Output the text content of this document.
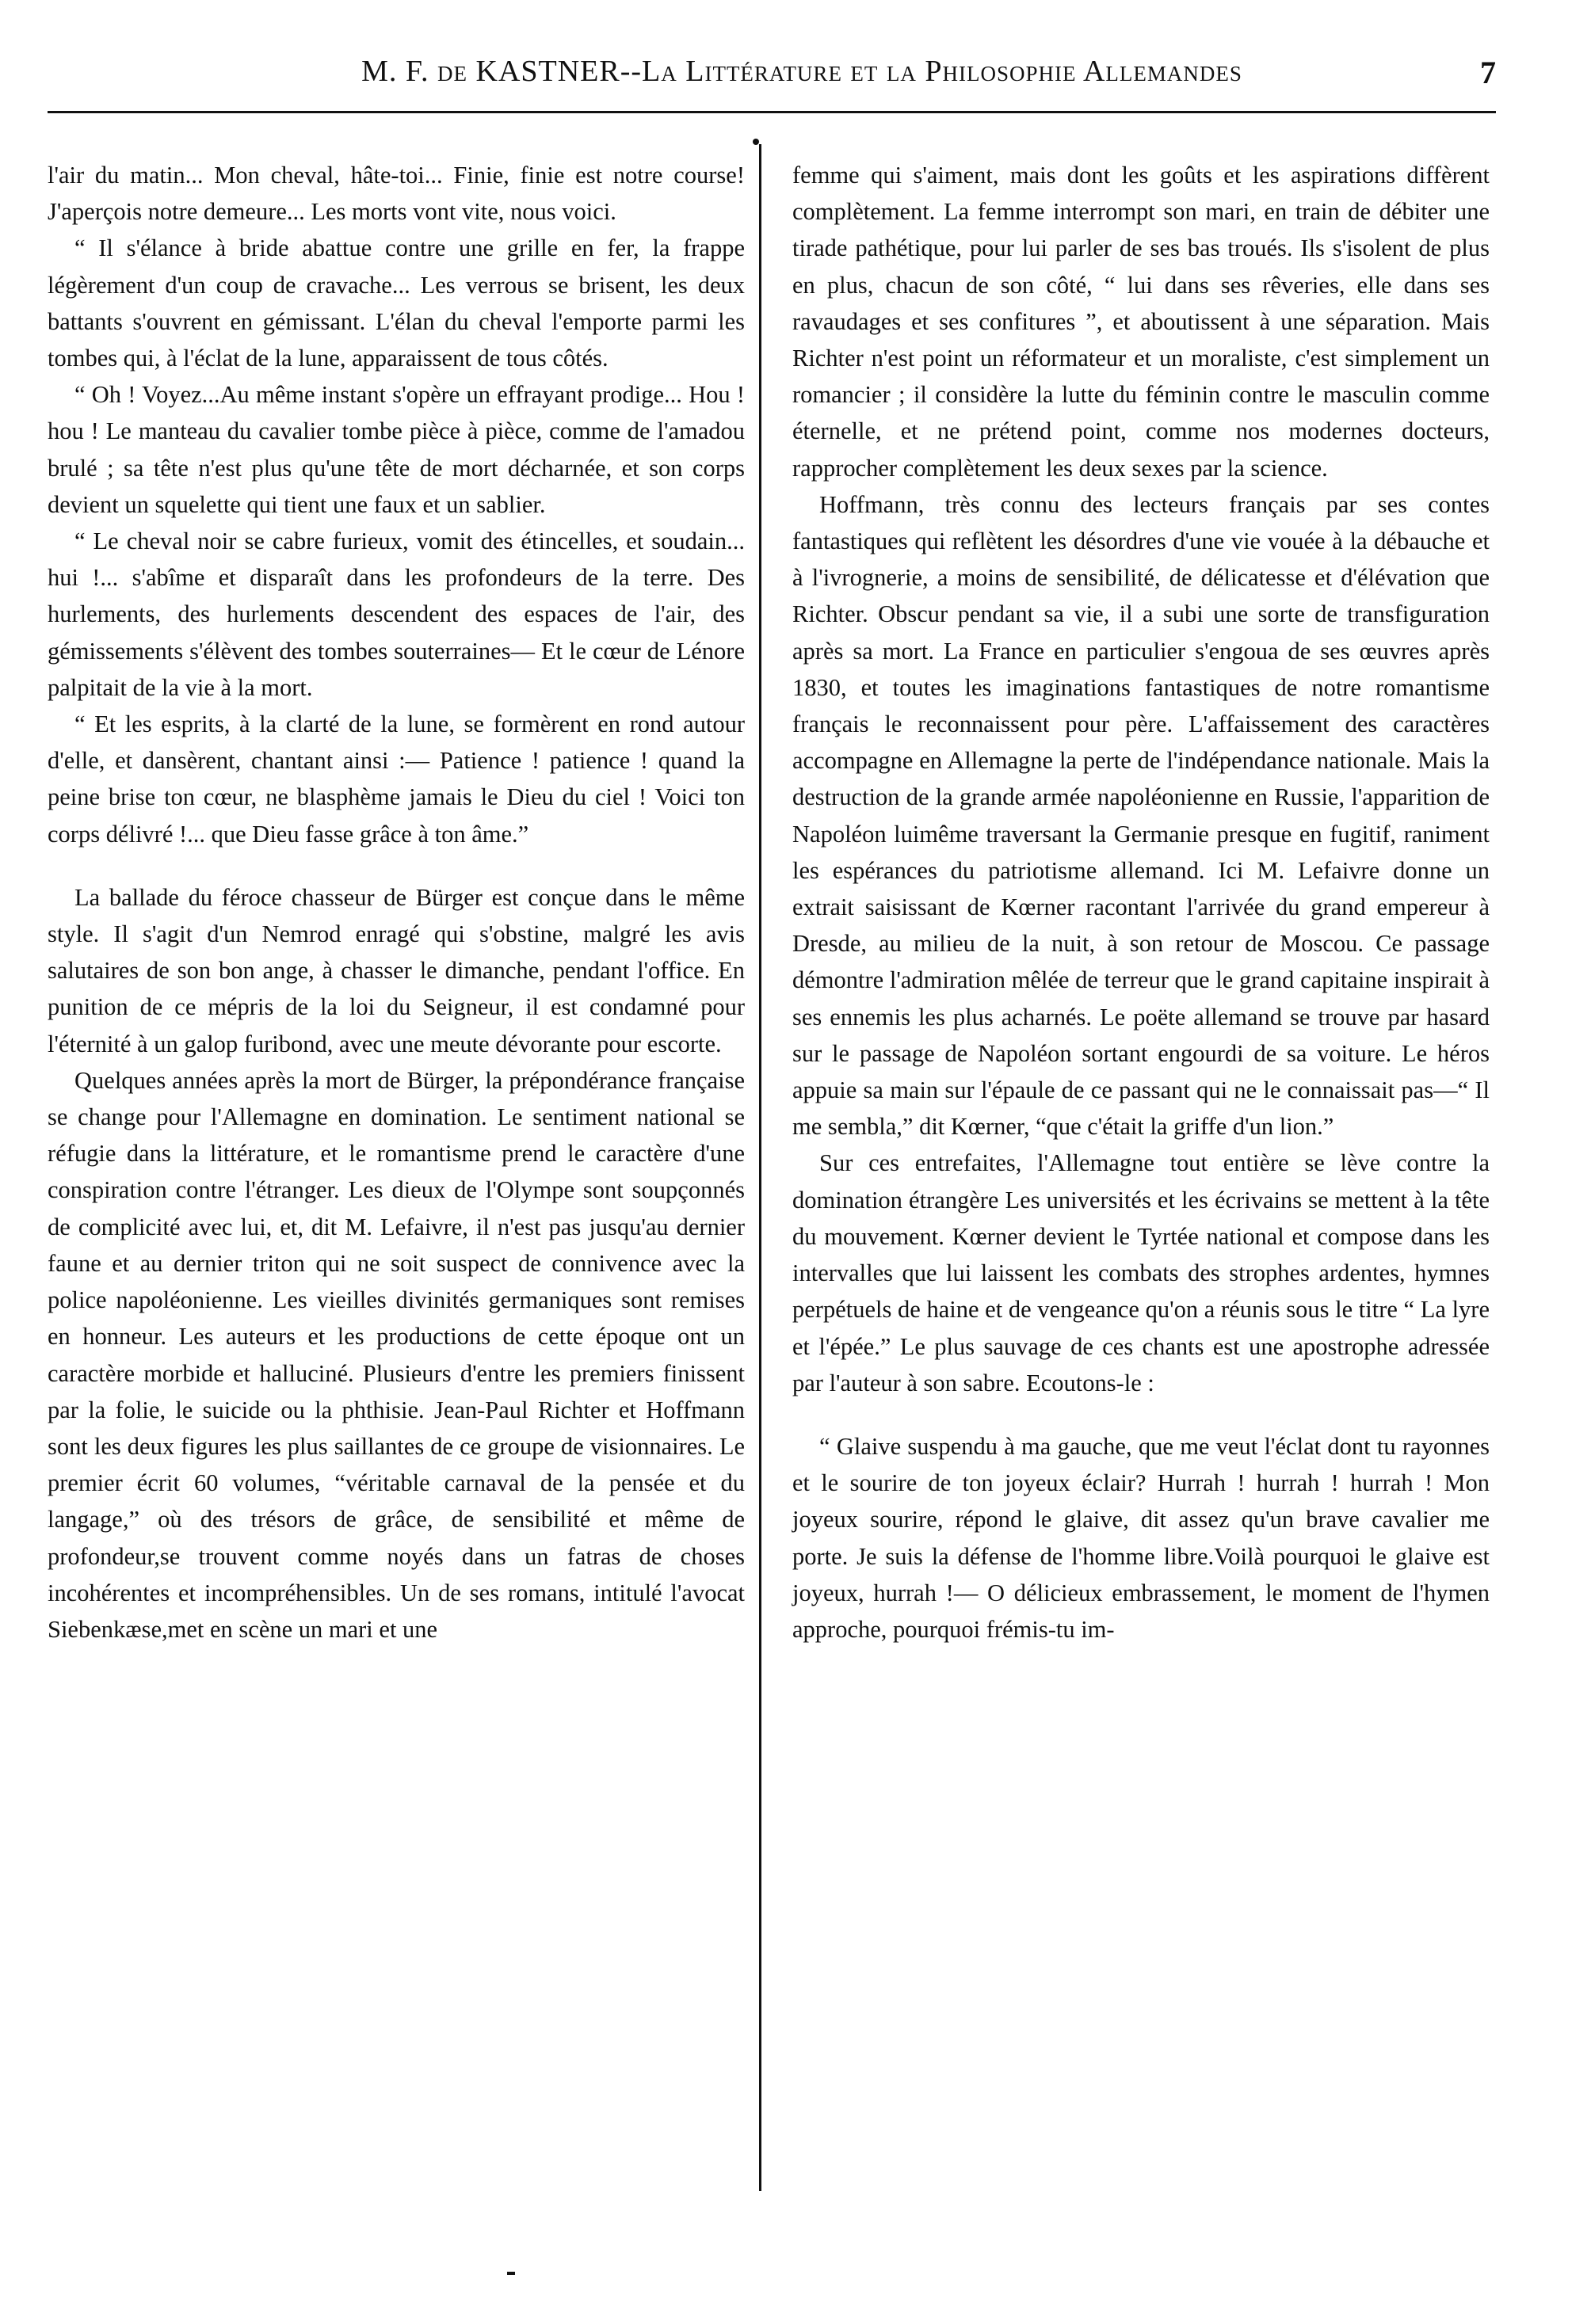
M. F. de KASTNER--La Littérature et la Philosophie Allemandes	7

l'air du matin... Mon cheval, hâte-toi... Finie, finie est notre course! J'aperçois notre demeure... Les morts vont vite, nous voici.

“ Il s'élance à bride abattue contre une grille en fer, la frappe légèrement d'un coup de cravache... Les verrous se brisent, les deux battants s'ouvrent en gémissant. L'élan du cheval l'emporte parmi les tombes qui, à l'éclat de la lune, apparaissent de tous côtés.

“ Oh ! Voyez...Au même instant s'opère un effrayant prodige... Hou ! hou ! Le manteau du cavalier tombe pièce à pièce, comme de l'amadou brulé ; sa tête n'est plus qu'une tête de mort décharnée, et son corps devient un squelette qui tient une faux et un sablier.

“ Le cheval noir se cabre furieux, vomit des étincelles, et soudain... hui !... s'abîme et disparaît dans les profondeurs de la terre. Des hurlements, des hurlements descendent des espaces de l'air, des gémissements s'élèvent des tombes souterraines— Et le cœur de Lénore palpitait de la vie à la mort.

“ Et les esprits, à la clarté de la lune, se formèrent en rond autour d'elle, et dansèrent, chantant ainsi :— Patience ! patience ! quand la peine brise ton cœur, ne blasphème jamais le Dieu du ciel ! Voici ton corps délivré !... que Dieu fasse grâce à ton âme.”

La ballade du féroce chasseur de Bürger est conçue dans le même style. Il s'agit d'un Nemrod enragé qui s'obstine, malgré les avis salutaires de son bon ange, à chasser le dimanche, pendant l'office. En punition de ce mépris de la loi du Seigneur, il est condamné pour l'éternité à un galop furibond, avec une meute dévorante pour escorte.

Quelques années après la mort de Bürger, la prépondérance française se change pour l'Allemagne en domination. Le sentiment national se réfugie dans la littérature, et le romantisme prend le caractère d'une conspiration contre l'étranger. Les dieux de l'Olympe sont soupçonnés de complicité avec lui, et, dit M. Lefaivre, il n'est pas jusqu'au dernier faune et au dernier triton qui ne soit suspect de connivence avec la police napoléonienne. Les vieilles divinités germaniques sont remises en honneur. Les auteurs et les productions de cette époque ont un caractère morbide et halluciné. Plusieurs d'entre les premiers finissent par la folie, le suicide ou la phthisie. Jean-Paul Richter et Hoffmann sont les deux figures les plus saillantes de ce groupe de visionnaires. Le premier écrit 60 volumes, “véritable carnaval de la pensée et du langage,” où des trésors de grâce, de sensibilité et même de profondeur,se trouvent comme noyés dans un fatras de choses incohérentes et incompréhensibles. Un de ses romans, intitulé l'avocat Siebenkæse,met en scène un mari et une

femme qui s'aiment, mais dont les goûts et les aspirations diffèrent complètement. La femme interrompt son mari, en train de débiter une tirade pathétique, pour lui parler de ses bas troués. Ils s'isolent de plus en plus, chacun de son côté, “ lui dans ses rêveries, elle dans ses ravaudages et ses confitures ”, et aboutissent à une séparation. Mais Richter n'est point un réformateur et un moraliste, c'est simplement un romancier ; il considère la lutte du féminin contre le masculin comme éternelle, et ne prétend point, comme nos modernes docteurs, rapprocher complètement les deux sexes par la science.

Hoffmann, très connu des lecteurs français par ses contes fantastiques qui reflètent les désordres d'une vie vouée à la débauche et à l'ivrognerie, a moins de sensibilité, de délicatesse et d'élévation que Richter. Obscur pendant sa vie, il a subi une sorte de transfiguration après sa mort. La France en particulier s'engoua de ses œuvres après 1830, et toutes les imaginations fantastiques de notre romantisme français le reconnaissent pour père. L'affaissement des caractères accompagne en Allemagne la perte de l'indépendance nationale. Mais la destruction de la grande armée napoléonienne en Russie, l'apparition de Napoléon luimême traversant la Germanie presque en fugitif, raniment les espérances du patriotisme allemand. Ici M. Lefaivre donne un extrait saisissant de Kœrner racontant l'arrivée du grand empereur à Dresde, au milieu de la nuit, à son retour de Moscou. Ce passage démontre l'admiration mêlée de terreur que le grand capitaine inspirait à ses ennemis les plus acharnés. Le poëte allemand se trouve par hasard sur le passage de Napoléon sortant engourdi de sa voiture. Le héros appuie sa main sur l'épaule de ce passant qui ne le connaissait pas—“ Il me sembla,” dit Kœrner, “que c'était la griffe d'un lion.”

Sur ces entrefaites, l'Allemagne tout entière se lève contre la domination étrangère Les universités et les écrivains se mettent à la tête du mouvement. Kœrner devient le Tyrtée national et compose dans les intervalles que lui laissent les combats des strophes ardentes, hymnes perpétuels de haine et de vengeance qu'on a réunis sous le titre “ La lyre et l'épée.” Le plus sauvage de ces chants est une apostrophe adressée par l'auteur à son sabre. Ecoutons-le :

“ Glaive suspendu à ma gauche, que me veut l'éclat dont tu rayonnes et le sourire de ton joyeux éclair? Hurrah ! hurrah ! hurrah ! Mon joyeux sourire, répond le glaive, dit assez qu'un brave cavalier me porte. Je suis la défense de l'homme libre.Voilà pourquoi le glaive est joyeux, hurrah !— O délicieux embrassement, le moment de l'hymen approche, pourquoi frémis-tu im-
